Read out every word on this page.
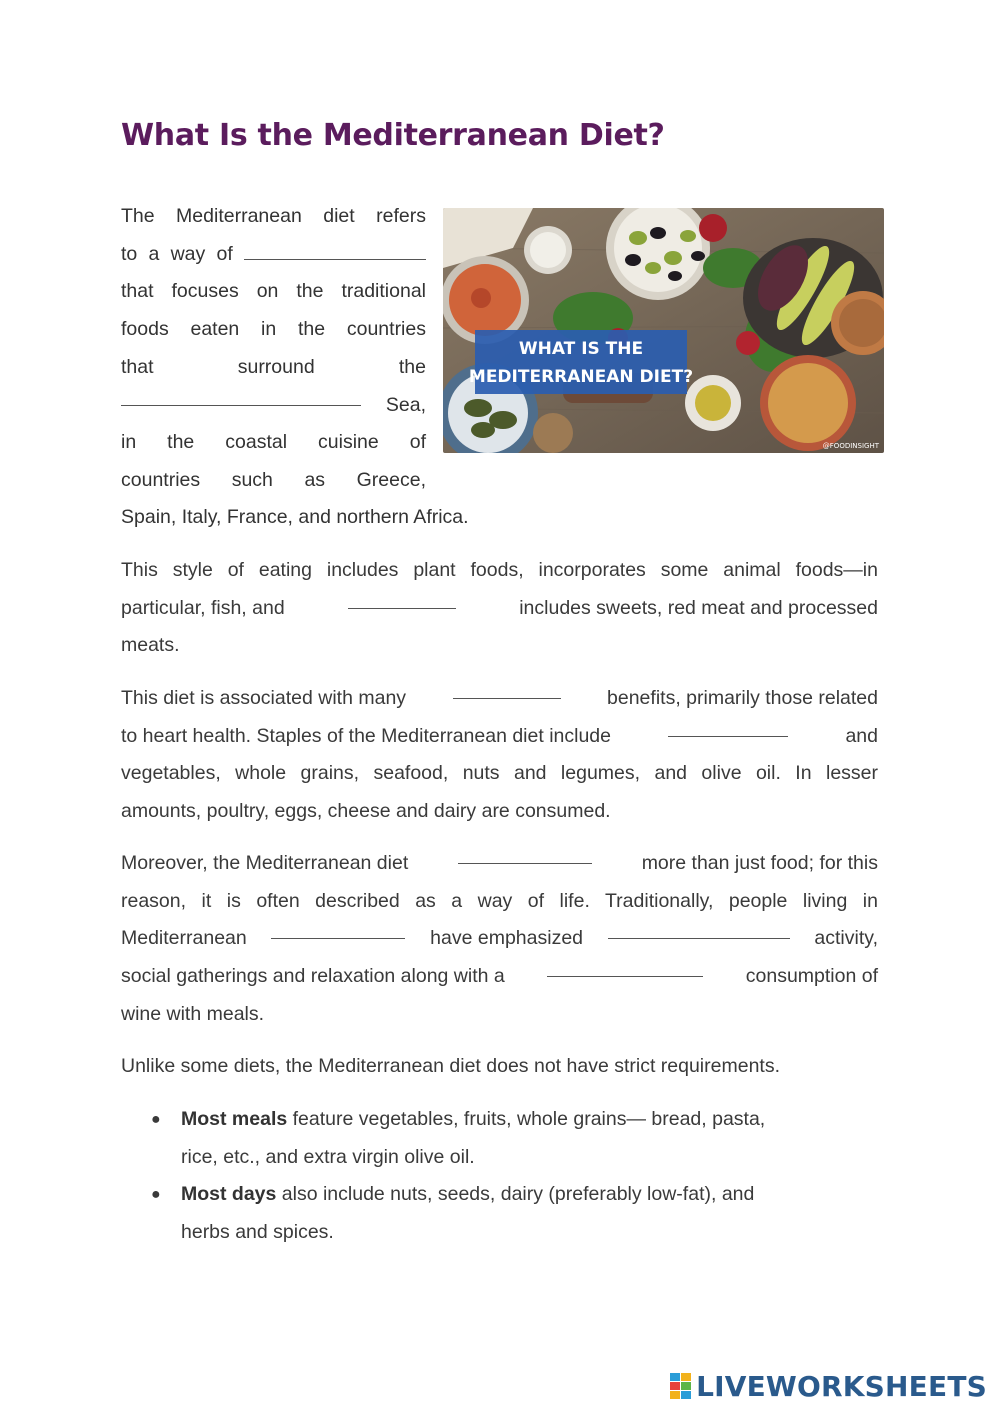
What Is the Mediterranean Diet?
The Mediterranean diet refers
to a way of
that focuses on the traditional
foods eaten in the countries
that	surround	the
Sea,
in the coastal cuisine of
countries such as Greece,
Spain, Italy, France, and northern Africa.
WHAT IS THE
MEDITERRANEAN DIET?
@FOODINSIGHT
This style of eating includes plant foods, incorporates some animal foods—in
particular, fish, and	includes sweets, red meat and processed
meats.
This diet is associated with many	benefits, primarily those related
to heart health. Staples of the Mediterranean diet include	and
vegetables, whole grains, seafood, nuts and legumes, and olive oil. In lesser
amounts, poultry, eggs, cheese and dairy are consumed.
Moreover, the Mediterranean diet	more than just food; for this
reason, it is often described as a way of life. Traditionally, people living in
Mediterranean	have emphasized	activity,
social gatherings and relaxation along with a	consumption of
wine with meals.
Unlike some diets, the Mediterranean diet does not have strict requirements.
● Most meals feature vegetables, fruits, whole grains— bread, pasta,
rice, etc., and extra virgin olive oil.
● Most days also include nuts, seeds, dairy (preferably low-fat), and
herbs and spices.
LIVEWORKSHEETS
